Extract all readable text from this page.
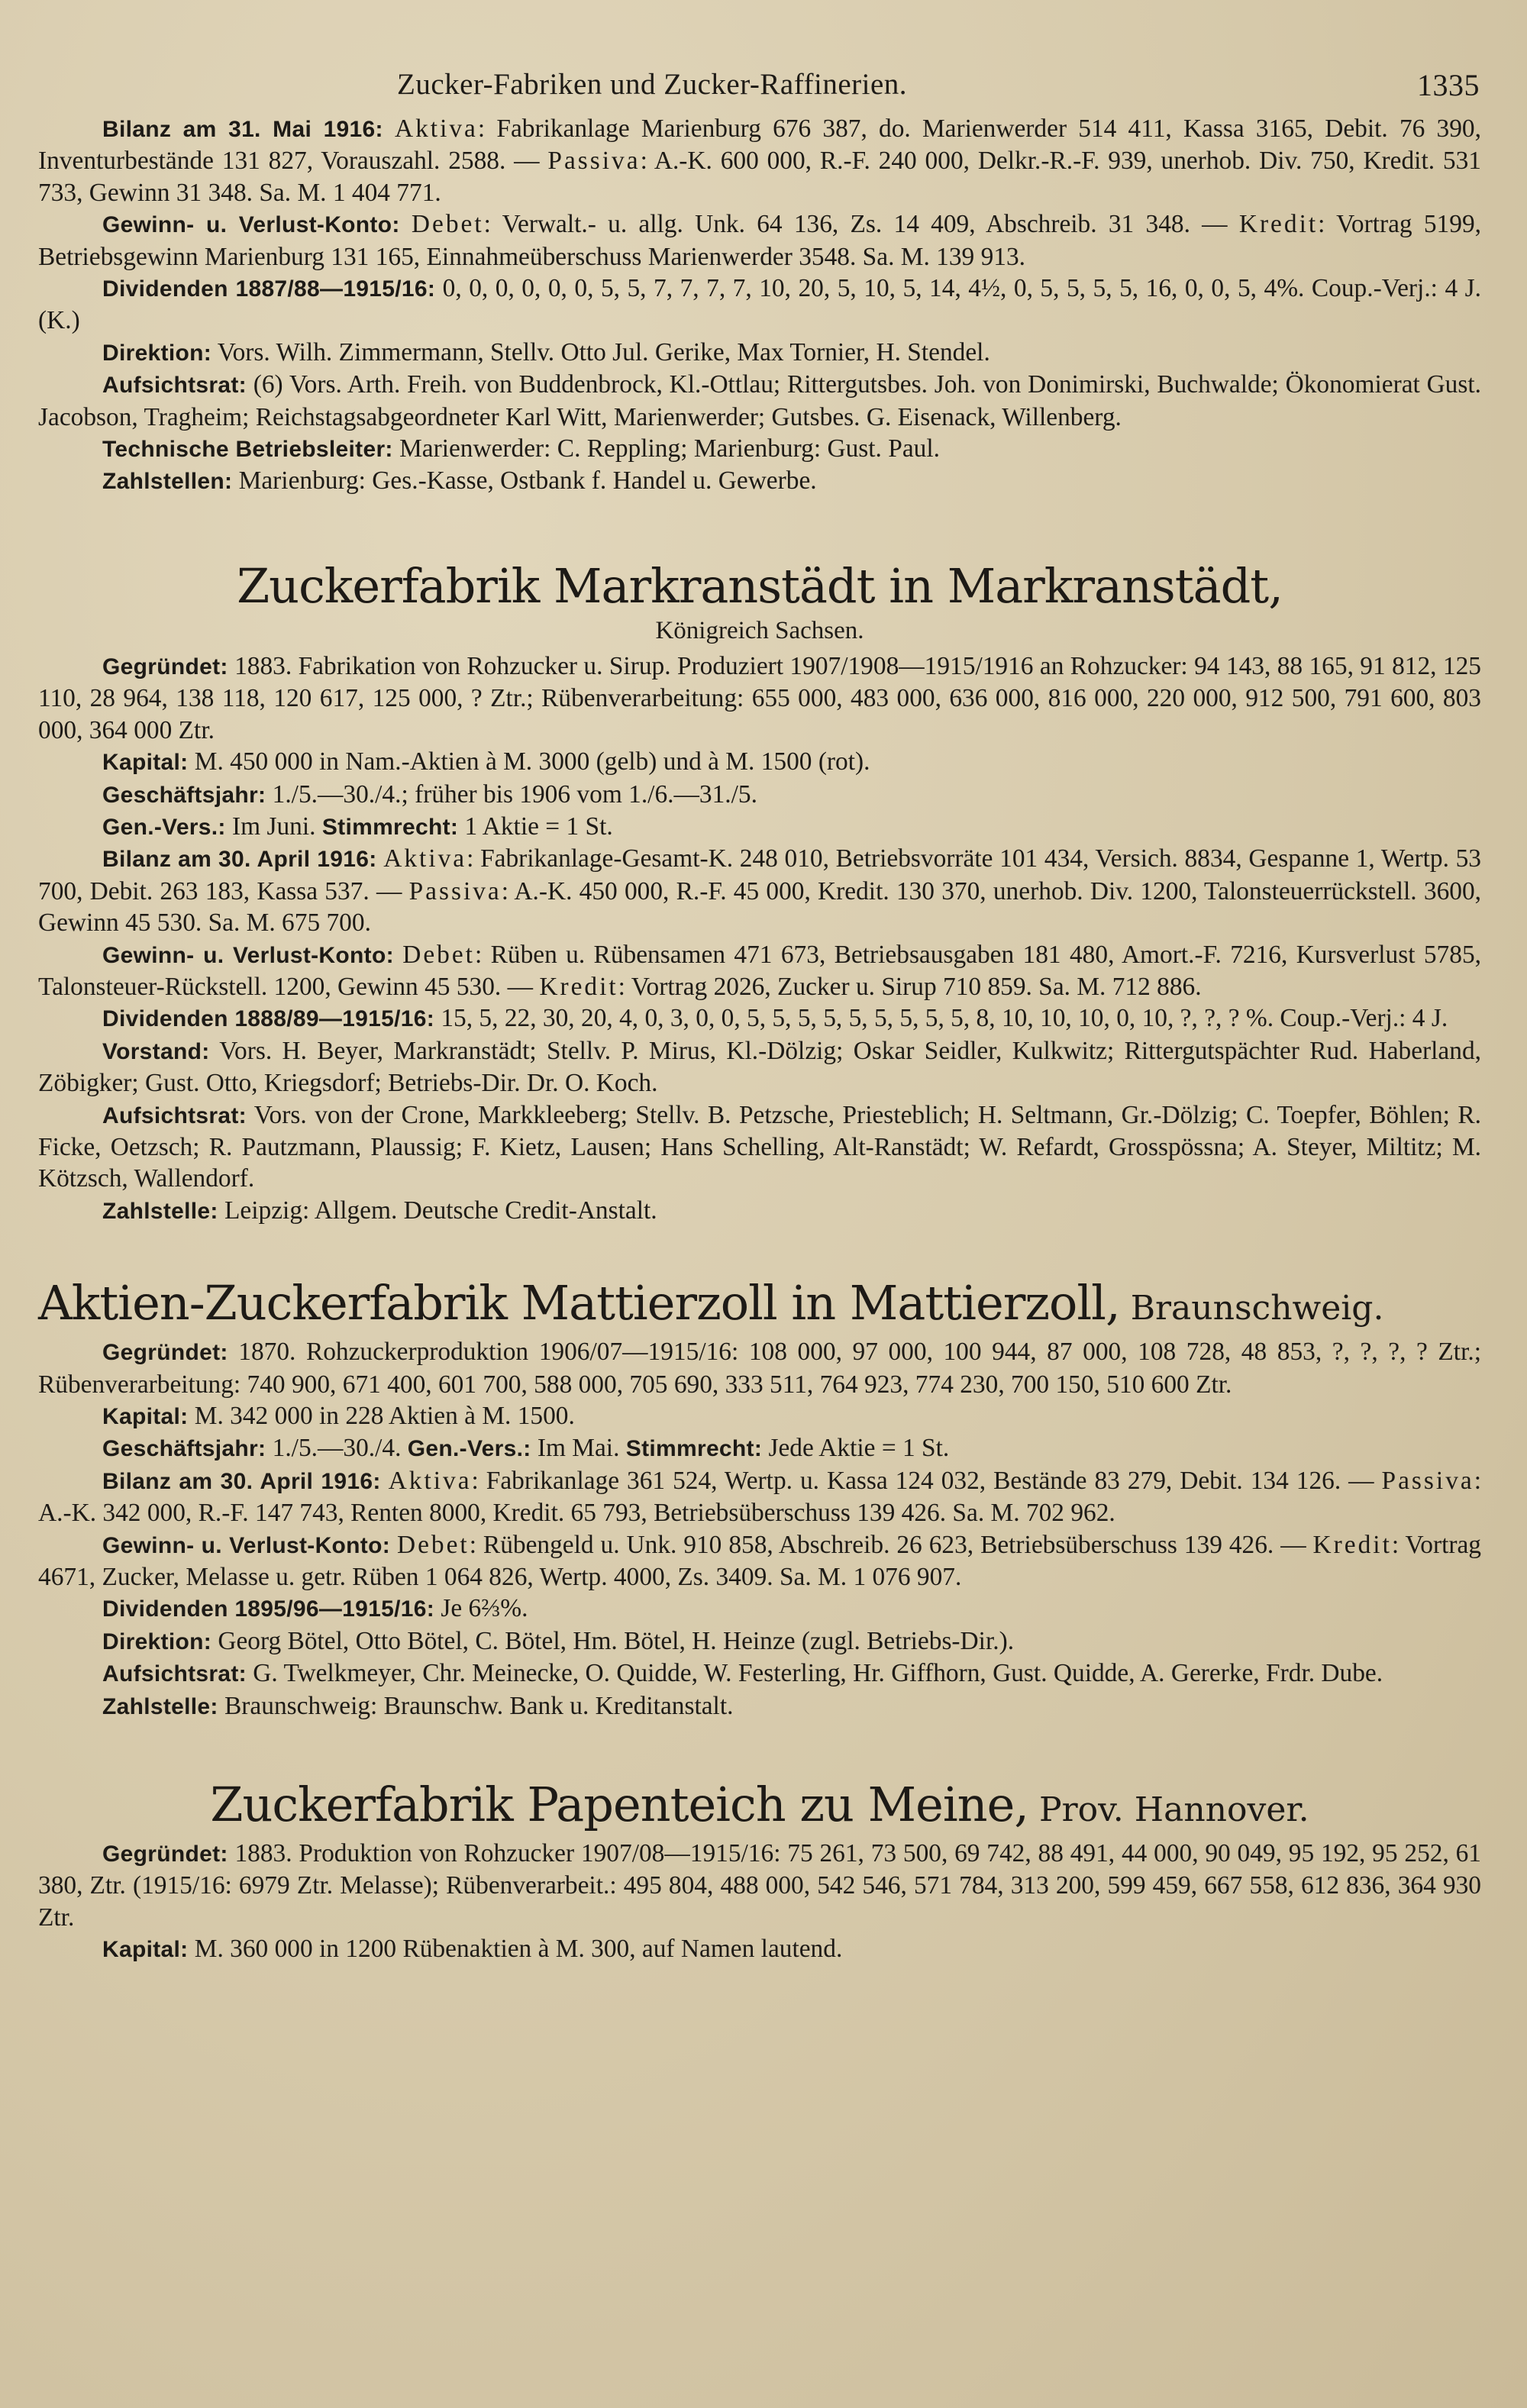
Zucker-Fabriken und Zucker-Raffinerien.	1335

Bilanz am 31. Mai 1916: Aktiva: Fabrikanlage Marienburg 676 387, do. Marienwerder 514 411, Kassa 3165, Debit. 76 390, Inventurbestände 131 827, Vorauszahl. 2588. — Passiva: A.-K. 600 000, R.-F. 240 000, Delkr.-R.-F. 939, unerhob. Div. 750, Kredit. 531 733, Gewinn 31 348. Sa. M. 1 404 771.

Gewinn- u. Verlust-Konto: Debet: Verwalt.- u. allg. Unk. 64 136, Zs. 14 409, Abschreib. 31 348. — Kredit: Vortrag 5199, Betriebsgewinn Marienburg 131 165, Einnahmeüberschuss Marienwerder 3548. Sa. M. 139 913.

Dividenden 1887/88—1915/16: 0, 0, 0, 0, 0, 0, 5, 5, 7, 7, 7, 7, 10, 20, 5, 10, 5, 14, 4½, 0, 5, 5, 5, 5, 16, 0, 0, 5, 4%. Coup.-Verj.: 4 J. (K.)

Direktion: Vors. Wilh. Zimmermann, Stellv. Otto Jul. Gerike, Max Tornier, H. Stendel.

Aufsichtsrat: (6) Vors. Arth. Freih. von Buddenbrock, Kl.-Ottlau; Rittergutsbes. Joh. von Donimirski, Buchwalde; Ökonomierat Gust. Jacobson, Tragheim; Reichstagsabgeordneter Karl Witt, Marienwerder; Gutsbes. G. Eisenack, Willenberg.

Technische Betriebsleiter: Marienwerder: C. Reppling; Marienburg: Gust. Paul.

Zahlstellen: Marienburg: Ges.-Kasse, Ostbank f. Handel u. Gewerbe.

Zuckerfabrik Markranstädt in Markranstädt,
Königreich Sachsen.

Gegründet: 1883. Fabrikation von Rohzucker u. Sirup. Produziert 1907/1908—1915/1916 an Rohzucker: 94 143, 88 165, 91 812, 125 110, 28 964, 138 118, 120 617, 125 000, ? Ztr.; Rübenverarbeitung: 655 000, 483 000, 636 000, 816 000, 220 000, 912 500, 791 600, 803 000, 364 000 Ztr.

Kapital: M. 450 000 in Nam.-Aktien à M. 3000 (gelb) und à M. 1500 (rot).

Geschäftsjahr: 1./5.—30./4.; früher bis 1906 vom 1./6.—31./5.

Gen.-Vers.: Im Juni. Stimmrecht: 1 Aktie = 1 St.

Bilanz am 30. April 1916: Aktiva: Fabrikanlage-Gesamt-K. 248 010, Betriebsvorräte 101 434, Versich. 8834, Gespanne 1, Wertp. 53 700, Debit. 263 183, Kassa 537. — Passiva: A.-K. 450 000, R.-F. 45 000, Kredit. 130 370, unerhob. Div. 1200, Talonsteuerrückstell. 3600, Gewinn 45 530. Sa. M. 675 700.

Gewinn- u. Verlust-Konto: Debet: Rüben u. Rübensamen 471 673, Betriebsausgaben 181 480, Amort.-F. 7216, Kursverlust 5785, Talonsteuer-Rückstell. 1200, Gewinn 45 530. — Kredit: Vortrag 2026, Zucker u. Sirup 710 859. Sa. M. 712 886.

Dividenden 1888/89—1915/16: 15, 5, 22, 30, 20, 4, 0, 3, 0, 0, 5, 5, 5, 5, 5, 5, 5, 5, 5, 8, 10, 10, 10, 0, 10, ?, ?, ? %. Coup.-Verj.: 4 J.

Vorstand: Vors. H. Beyer, Markranstädt; Stellv. P. Mirus, Kl.-Dölzig; Oskar Seidler, Kulkwitz; Rittergutspächter Rud. Haberland, Zöbigker; Gust. Otto, Kriegsdorf; Betriebs-Dir. Dr. O. Koch.

Aufsichtsrat: Vors. von der Crone, Markkleeberg; Stellv. B. Petzsche, Priesteblich; H. Seltmann, Gr.-Dölzig; C. Toepfer, Böhlen; R. Ficke, Oetzsch; R. Pautzmann, Plaussig; F. Kietz, Lausen; Hans Schelling, Alt-Ranstädt; W. Refardt, Grosspössna; A. Steyer, Miltitz; M. Kötzsch, Wallendorf.

Zahlstelle: Leipzig: Allgem. Deutsche Credit-Anstalt.

Aktien-Zuckerfabrik Mattierzoll in Mattierzoll, Braunschweig.

Gegründet: 1870. Rohzuckerproduktion 1906/07—1915/16: 108 000, 97 000, 100 944, 87 000, 108 728, 48 853, ?, ?, ?, ? Ztr.; Rübenverarbeitung: 740 900, 671 400, 601 700, 588 000, 705 690, 333 511, 764 923, 774 230, 700 150, 510 600 Ztr.

Kapital: M. 342 000 in 228 Aktien à M. 1500.

Geschäftsjahr: 1./5.—30./4. Gen.-Vers.: Im Mai. Stimmrecht: Jede Aktie = 1 St.

Bilanz am 30. April 1916: Aktiva: Fabrikanlage 361 524, Wertp. u. Kassa 124 032, Bestände 83 279, Debit. 134 126. — Passiva: A.-K. 342 000, R.-F. 147 743, Renten 8000, Kredit. 65 793, Betriebsüberschuss 139 426. Sa. M. 702 962.

Gewinn- u. Verlust-Konto: Debet: Rübengeld u. Unk. 910 858, Abschreib. 26 623, Betriebsüberschuss 139 426. — Kredit: Vortrag 4671, Zucker, Melasse u. getr. Rüben 1 064 826, Wertp. 4000, Zs. 3409. Sa. M. 1 076 907.

Dividenden 1895/96—1915/16: Je 6⅔%.

Direktion: Georg Bötel, Otto Bötel, C. Bötel, Hm. Bötel, H. Heinze (zugl. Betriebs-Dir.).

Aufsichtsrat: G. Twelkmeyer, Chr. Meinecke, O. Quidde, W. Festerling, Hr. Giffhorn, Gust. Quidde, A. Gererke, Frdr. Dube.

Zahlstelle: Braunschweig: Braunschw. Bank u. Kreditanstalt.

Zuckerfabrik Papenteich zu Meine, Prov. Hannover.

Gegründet: 1883. Produktion von Rohzucker 1907/08—1915/16: 75 261, 73 500, 69 742, 88 491, 44 000, 90 049, 95 192, 95 252, 61 380, Ztr. (1915/16: 6979 Ztr. Melasse); Rübenverarbeit.: 495 804, 488 000, 542 546, 571 784, 313 200, 599 459, 667 558, 612 836, 364 930 Ztr.

Kapital: M. 360 000 in 1200 Rübenaktien à M. 300, auf Namen lautend.
